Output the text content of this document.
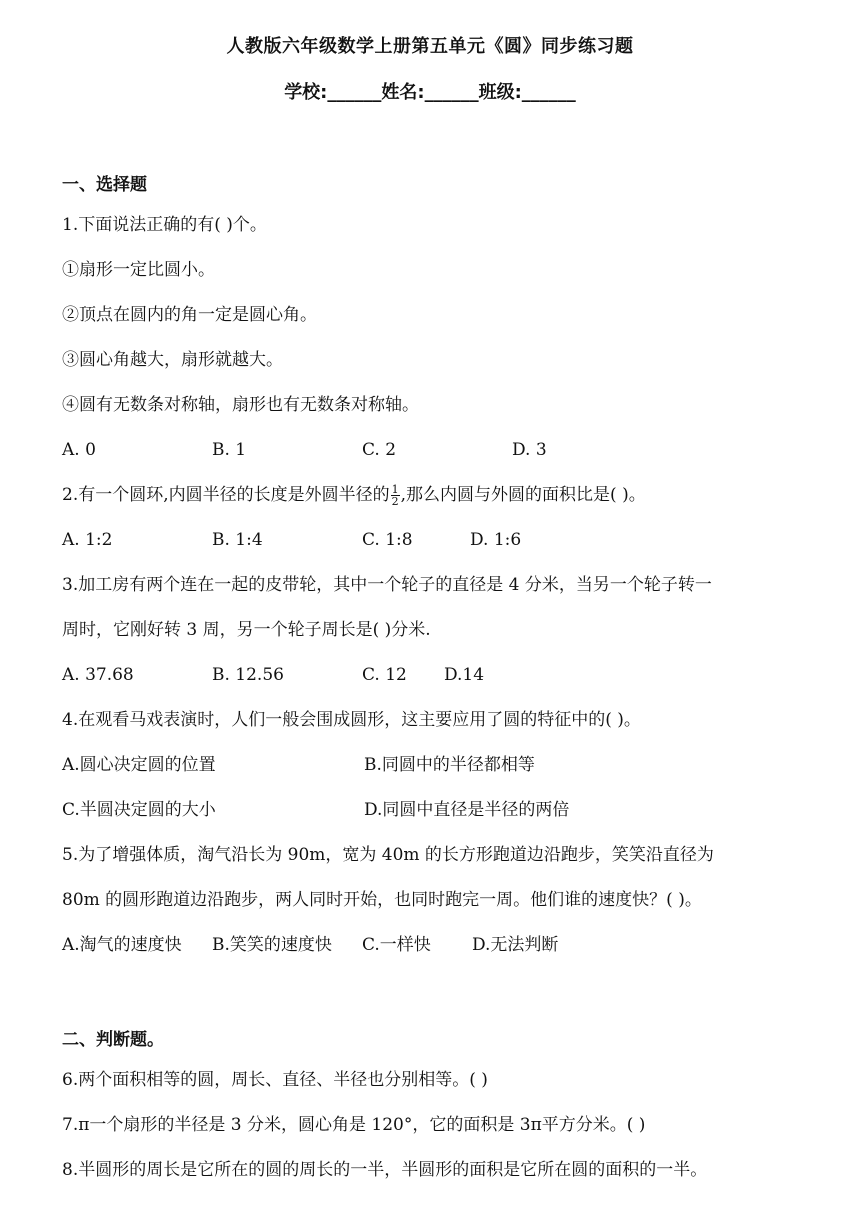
人教版六年级数学上册第五单元《圆》同步练习题
学校:______姓名:______班级:______
一、选择题
1.下面说法正确的有( )个。
①扇形一定比圆小。
②顶点在圆内的角一定是圆心角。
③圆心角越大，扇形就越大。
④圆有无数条对称轴，扇形也有无数条对称轴。
A. 0	B. 1	C. 2	D. 3
2.有一个圆环,内圆半径的长度是外圆半径的 $\frac{1}{2}$ ,那么内圆与外圆的面积比是( )。
A. 1:2	B. 1:4	C. 1:8	D. 1:6
3.加工房有两个连在一起的皮带轮，其中一个轮子的直径是 4 分米，当另一个轮子转一
周时，它刚好转 3 周，另一个轮子周长是( )分米.
A. 37.68	B. 12.56	C. 12 D.14
4.在观看马戏表演时，人们一般会围成圆形，这主要应用了圆的特征中的( )。
A.圆心决定圆的位置	B.同圆中的半径都相等
C.半圆决定圆的大小	D.同圆中直径是半径的两倍
5.为了增强体质，淘气沿长为 90m，宽为 40m 的长方形跑道边沿跑步，笑笑沿直径为
80m 的圆形跑道边沿跑步，两人同时开始，也同时跑完一周。他们谁的速度快？( )。
A.淘气的速度快 B.笑笑的速度快 C.一样快 D.无法判断
二、判断题。
6.两个面积相等的圆，周长、直径、半径也分别相等。( )
7.π一个扇形的半径是 3 分米，圆心角是 120°，它的面积是 3π平方分米。( )
8.半圆形的周长是它所在的圆的周长的一半，半圆形的面积是它所在圆的面积的一半。
